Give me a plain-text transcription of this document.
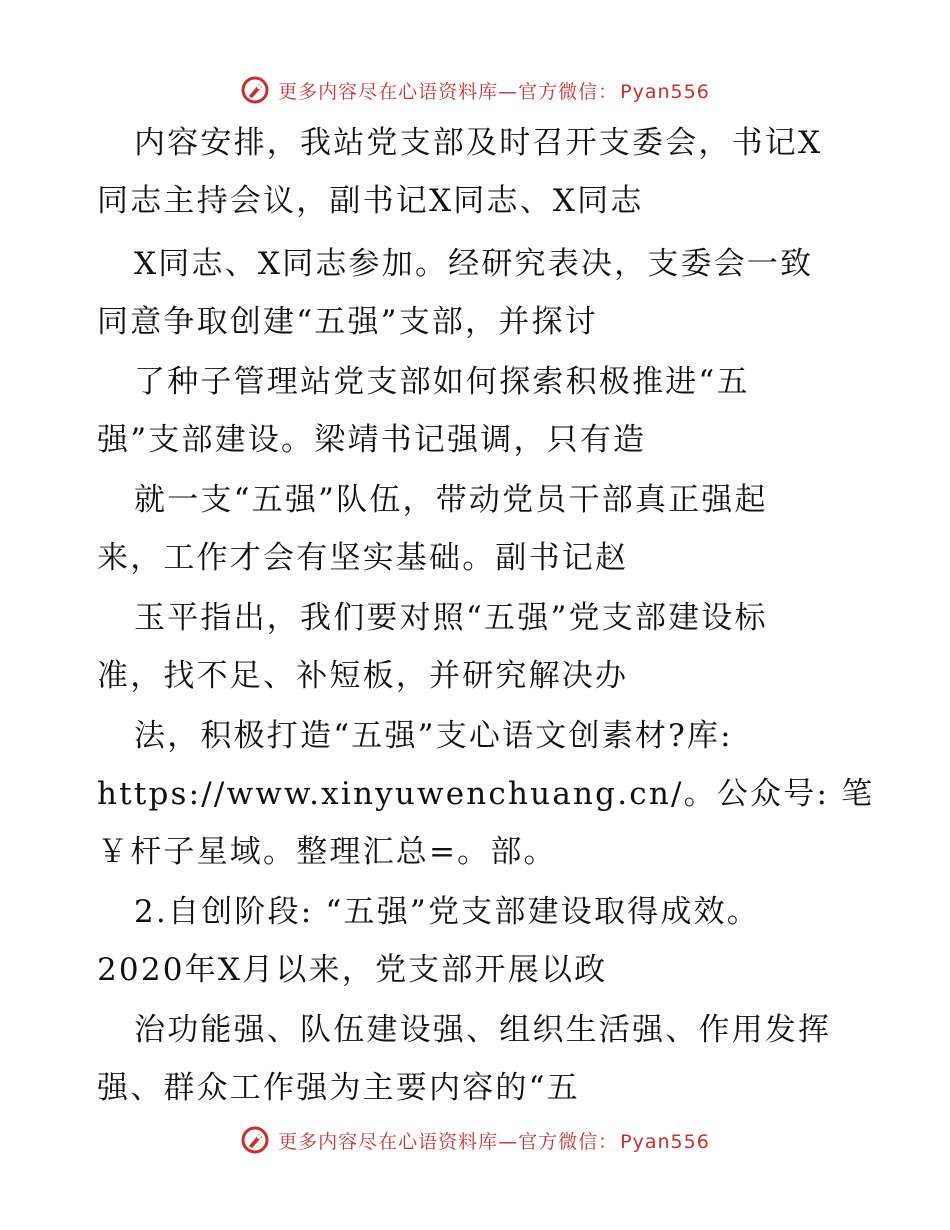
更多内容尽在心语资料库—官方微信： Pyan556
内容安排，我站党支部及时召开支委会，书记X
同志主持会议，副书记X同志、X同志
X同志、X同志参加。经研究表决，支委会一致
同意争取创建“五强”支部，并探讨
了种子管理站党支部如何探索积极推进“五
强”支部建设。梁靖书记强调，只有造
就一支“五强”队伍，带动党员干部真正强起
来，工作才会有坚实基础。副书记赵
玉平指出，我们要对照“五强”党支部建设标
准，找不足、补短板，并研究解决办
法，积极打造“五强”支心语文创素材?库:
https://www.xinyuwenchuang.cn/。公众号: 笔
￥杆子星域。整理汇总=。部。
2.自创阶段: “五强”党支部建设取得成效。
2020年X月以来，党支部开展以政
治功能强、队伍建设强、组织生活强、作用发挥
强、群众工作强为主要内容的“五
更多内容尽在心语资料库—官方微信： Pyan556
